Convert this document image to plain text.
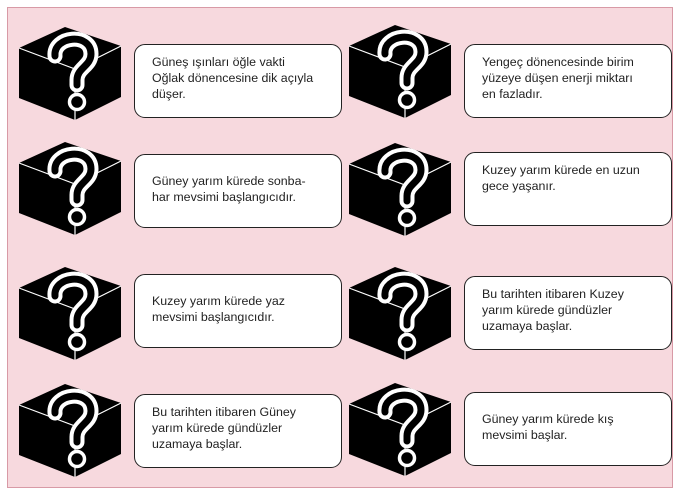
Güneş ışınları öğle vakti
Oğlak dönencesine dik açıyla
düşer.
Yengeç dönencesinde birim
yüzeye düşen enerji miktarı
en fazladır.
Güney yarım kürede sonba-
har mevsimi başlangıcıdır.
Kuzey yarım kürede en uzun
gece yaşanır.
Kuzey yarım kürede yaz
mevsimi başlangıcıdır.
Bu tarihten itibaren Kuzey
yarım kürede gündüzler
uzamaya başlar.
Bu tarihten itibaren Güney
yarım kürede gündüzler
uzamaya başlar.
Güney yarım kürede kış
mevsimi başlar.
